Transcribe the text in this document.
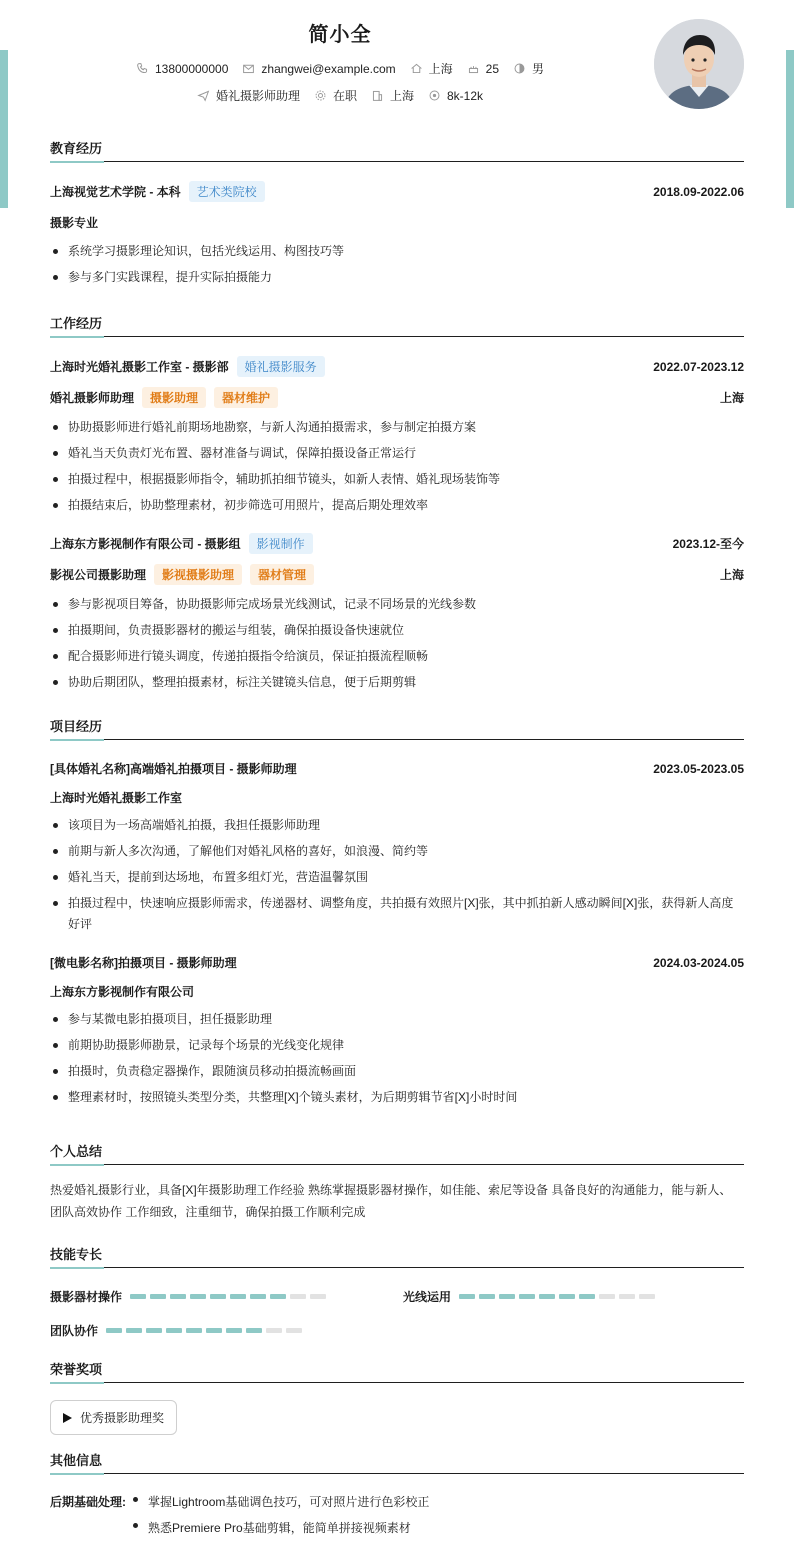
简小全
13800000000	zhangwei@example.com	上海	25	男
婚礼摄影师助理	在职	上海	8k-12k
教育经历
上海视觉艺术学院 - 本科	艺术类院校	2018.09-2022.06
摄影专业
系统学习摄影理论知识，包括光线运用、构图技巧等
参与多门实践课程，提升实际拍摄能力
工作经历
上海时光婚礼摄影工作室 - 摄影部	婚礼摄影服务	2022.07-2023.12
婚礼摄影师助理	摄影助理	器材维护	上海
协助摄影师进行婚礼前期场地勘察，与新人沟通拍摄需求，参与制定拍摄方案
婚礼当天负责灯光布置、器材准备与调试，保障拍摄设备正常运行
拍摄过程中，根据摄影师指令，辅助抓拍细节镜头，如新人表情、婚礼现场装饰等
拍摄结束后，协助整理素材，初步筛选可用照片，提高后期处理效率
上海东方影视制作有限公司 - 摄影组	影视制作	2023.12-至今
影视公司摄影助理	影视摄影助理	器材管理	上海
参与影视项目筹备，协助摄影师完成场景光线测试，记录不同场景的光线参数
拍摄期间，负责摄影器材的搬运与组装，确保拍摄设备快速就位
配合摄影师进行镜头调度，传递拍摄指令给演员，保证拍摄流程顺畅
协助后期团队，整理拍摄素材，标注关键镜头信息，便于后期剪辑
项目经历
[具体婚礼名称]高端婚礼拍摄项目 - 摄影师助理	2023.05-2023.05
上海时光婚礼摄影工作室
该项目为一场高端婚礼拍摄，我担任摄影师助理
前期与新人多次沟通，了解他们对婚礼风格的喜好，如浪漫、简约等
婚礼当天，提前到达场地，布置多组灯光，营造温馨氛围
拍摄过程中，快速响应摄影师需求，传递器材、调整角度，共拍摄有效照片[X]张，其中抓拍新人感动瞬间[X]张，获得新人高度好评
[微电影名称]拍摄项目 - 摄影师助理	2024.03-2024.05
上海东方影视制作有限公司
参与某微电影拍摄项目，担任摄影助理
前期协助摄影师勘景，记录每个场景的光线变化规律
拍摄时，负责稳定器操作，跟随演员移动拍摄流畅画面
整理素材时，按照镜头类型分类，共整理[X]个镜头素材，为后期剪辑节省[X]小时时间
个人总结
热爱婚礼摄影行业，具备[X]年摄影助理工作经验 熟练掌握摄影器材操作，如佳能、索尼等设备 具备良好的沟通能力，能与新人、
团队高效协作 工作细致，注重细节，确保拍摄工作顺利完成
技能专长
摄影器材操作	光线运用
团队协作
荣誉奖项
优秀摄影助理奖
其他信息
后期基础处理:	掌握Lightroom基础调色技巧，可对照片进行色彩校正
熟悉Premiere Pro基础剪辑，能简单拼接视频素材
